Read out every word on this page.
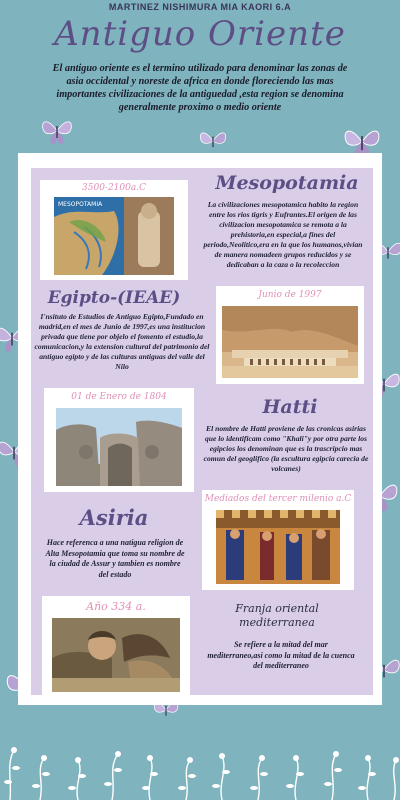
MARTINEZ NISHIMURA MIA KAORI 6.A
Antiguo Oriente
El antiguo oriente es el termino utilizado para denominar las zonas de asia occidental y noreste de africa en donde floreciendo las mas importantes civilizaciones de la antiguedad ,esta region se denomina generalmente proximo o medio oriente
3500-2100a.C
MESOPOTAMIA
Mesopotamia
La civilizaciones mesopotamica habito la region entre los rios tigris y Eufrantes.El origen de las civilizacion mesopotamica se remota a la prehistoria,en especial,a fines del periodo,Neolitico,era en la que los humanos,vivian de manera nomadeen grupos reducidos y se dedicaban a la caza o la recoleccion
Egipto-(IEAE)
I'nsituto de Estudios de Antiguo Egipto,Fundado en madrid,en el mes de Junio de 1997,es una institucion privada que tiene por objelo el fomento el estudio,la comunicacion,y la extension cultural del patrimonio del antiguo egipto y de las culturas antiguas del valle del Nilo
Junio de 1997
01 de Enero de 1804	Hatti
El nombre de Hatti proviene de las cronicas asirias que lo identificam como "Khali"y por otra parte los egipcios los denominan que es la trascripcio mas comun del geoglifico (la escultura egipcia carecia de volcanes)
Asiria
Hace referenca a una natigua religion de Alta Mesopotamia que toma su nombre de la ciudad de Assur y tambien es nombre del estado
Mediados del tercer milenio a.C
Año 334 a.	Franja oriental mediterranea
Se refiere a la mitad del mar mediterraneo,asi como la mitad de la cuenca del mediterraneo
